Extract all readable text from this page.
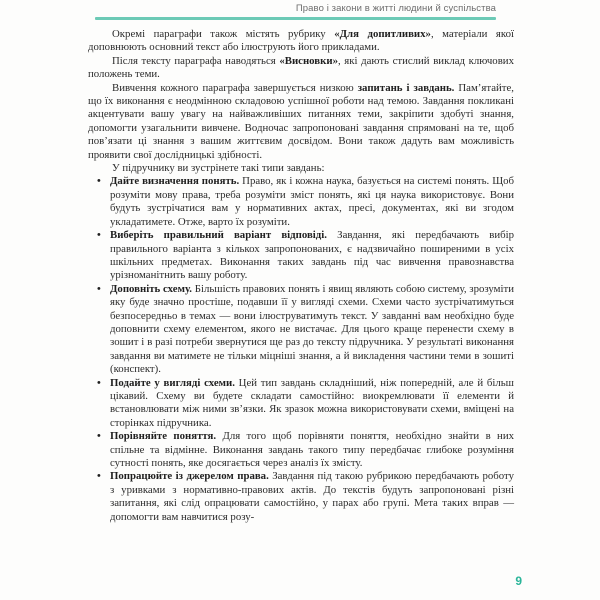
Право і закони в житті людини й суспільства

Окремі параграфи також містять рубрику «Для допитливих», матеріали якої доповнюють основний текст або ілюструють його прикладами.

Після тексту параграфа наводяться «Висновки», які дають стислий виклад ключових положень теми.

Вивчення кожного параграфа завершується низкою запитань і завдань. Пам’ятайте, що їх виконання є неодмінною складовою успішної роботи над темою. Завдання покликані акцентувати вашу увагу на найважливіших питаннях теми, закріпити здобуті знання, допомогти узагальнити вивчене. Водночас запропоновані завдання спрямовані на те, щоб пов’язати ці знання з вашим життєвим досвідом. Вони також дадуть вам можливість проявити свої дослідницькі здібності.

У підручнику ви зустрінете такі типи завдань:

• Дайте визначення понять. Право, як і кожна наука, базується на системі понять. Щоб розуміти мову права, треба розуміти зміст понять, які ця наука використовує. Вони будуть зустрічатися вам у нормативних актах, пресі, документах, які ви згодом укладатимете. Отже, варто їх розуміти.
• Виберіть правильний варіант відповіді. Завдання, які передбачають вибір правильного варіанта з кількох запропонованих, є надзвичайно поширеними в усіх шкільних предметах. Виконання таких завдань під час вивчення правознавства урізноманітнить вашу роботу.
• Доповніть схему. Більшість правових понять і явищ являють собою систему, зрозуміти яку буде значно простіше, подавши її у вигляді схеми. Схеми часто зустрічатимуться безпосередньо в темах — вони ілюструватимуть текст. У завданні вам необхідно буде доповнити схему елементом, якого не вистачає. Для цього краще перенести схему в зошит і в разі потреби звернутися ще раз до тексту підручника. У результаті виконання завдання ви матимете не тільки міцніші знання, а й викладення частини теми в зошиті (конспект).
• Подайте у вигляді схеми. Цей тип завдань складніший, ніж попередній, але й більш цікавий. Схему ви будете складати самостійно: виокремлювати її елементи й встановлювати між ними зв’язки. Як зразок можна використовувати схеми, вміщені на сторінках підручника.
• Порівняйте поняття. Для того щоб порівняти поняття, необхідно знайти в них спільне та відмінне. Виконання завдань такого типу передбачає глибоке розуміння сутності понять, яке досягається через аналіз їх змісту.
• Попрацюйте із джерелом права. Завдання під такою рубрикою передбачають роботу з уривками з нормативно-правових актів. До текстів будуть запропоновані різні запитання, які слід опрацювати самостійно, у парах або групі. Мета таких вправ — допомогти вам навчитися розу-
9
